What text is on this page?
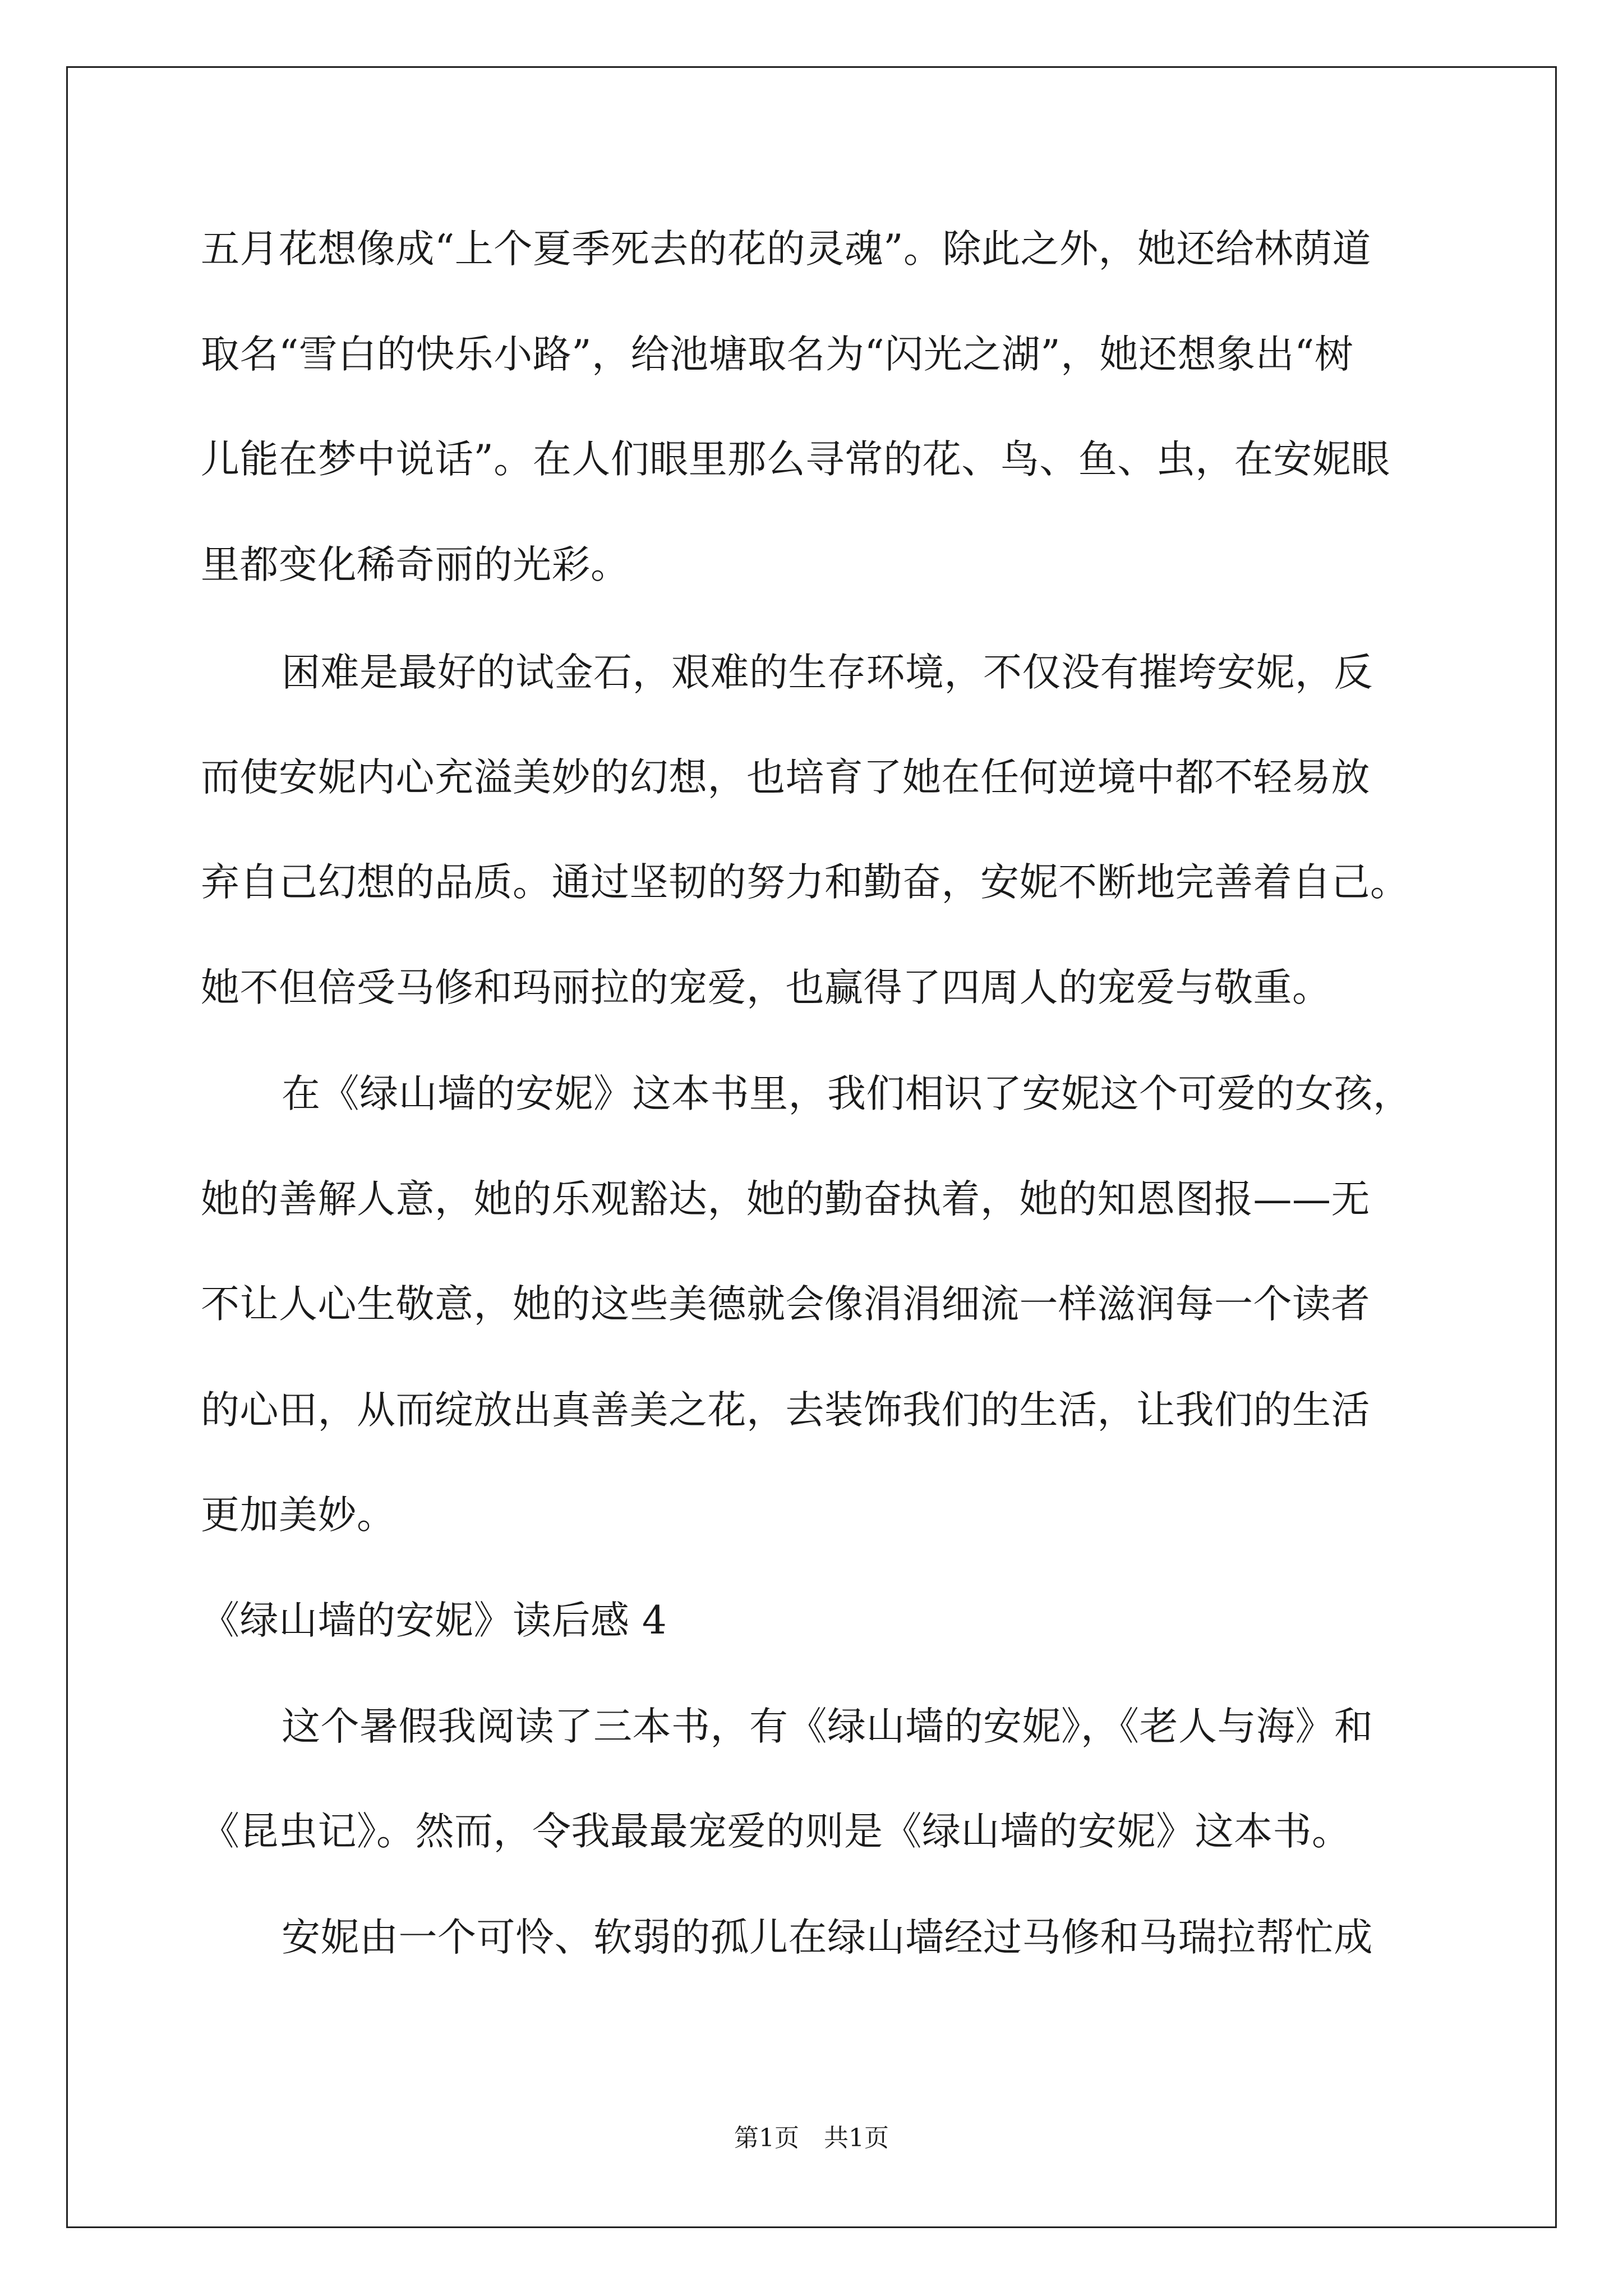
五月花想像成“上个夏季死去的花的灵魂”。除此之外，她还给林荫道
取名“雪白的快乐小路”，给池塘取名为“闪光之湖”，她还想象出“树
儿能在梦中说话”。在人们眼里那么寻常的花、鸟、鱼、虫，在安妮眼
里都变化稀奇丽的光彩。
困难是最好的试金石，艰难的生存环境，不仅没有摧垮安妮，反
而使安妮内心充溢美妙的幻想，也培育了她在任何逆境中都不轻易放
弃自己幻想的品质。通过坚韧的努力和勤奋，安妮不断地完善着自己。
她不但倍受马修和玛丽拉的宠爱，也赢得了四周人的宠爱与敬重。
在《绿山墙的安妮》这本书里，我们相识了安妮这个可爱的女孩，
她的善解人意，她的乐观豁达，她的勤奋执着，她的知恩图报——无
不让人心生敬意，她的这些美德就会像涓涓细流一样滋润每一个读者
的心田，从而绽放出真善美之花，去装饰我们的生活，让我们的生活
更加美妙。
《绿山墙的安妮》读后感 4
这个暑假我阅读了三本书，有《绿山墙的安妮》，《老人与海》和
《昆虫记》。然而，令我最最宠爱的则是《绿山墙的安妮》这本书。
安妮由一个可怜、软弱的孤儿在绿山墙经过马修和马瑞拉帮忙成
第1页　共1页
